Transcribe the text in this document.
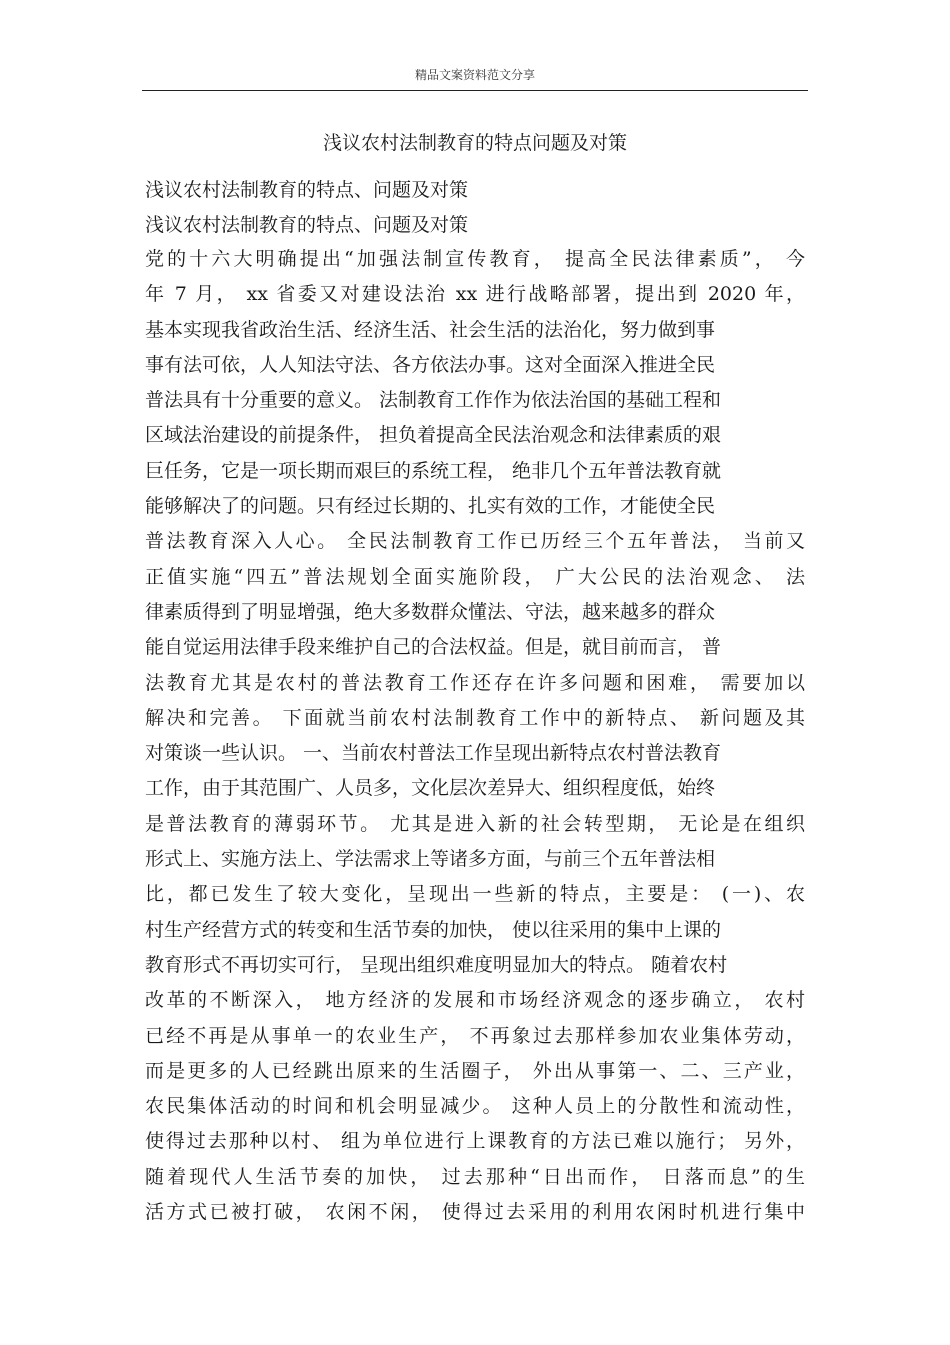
精品文案资料范文分享
浅议农村法制教育的特点问题及对策
浅议农村法制教育的特点、问题及对策
浅议农村法制教育的特点、问题及对策
党的十六大明确提出“加强法制宣传教育， 提高全民法律素质”， 今
年 7 月， xx 省委又对建设法治 xx 进行战略部署，提出到 2020 年，
基本实现我省政治生活、经济生活、社会生活的法治化，努力做到事
事有法可依，人人知法守法、各方依法办事。这对全面深入推进全民
普法具有十分重要的意义。 法制教育工作作为依法治国的基础工程和
区域法治建设的前提条件， 担负着提高全民法治观念和法律素质的艰
巨任务，它是一项长期而艰巨的系统工程， 绝非几个五年普法教育就
能够解决了的问题。只有经过长期的、扎实有效的工作，才能使全民
普法教育深入人心。 全民法制教育工作已历经三个五年普法， 当前又
正值实施“四五”普法规划全面实施阶段， 广大公民的法治观念、 法
律素质得到了明显增强，绝大多数群众懂法、守法，越来越多的群众
能自觉运用法律手段来维护自己的合法权益。但是，就目前而言， 普
法教育尤其是农村的普法教育工作还存在许多问题和困难， 需要加以
解决和完善。 下面就当前农村法制教育工作中的新特点、 新问题及其
对策谈一些认识。 一、当前农村普法工作呈现出新特点农村普法教育
工作，由于其范围广、人员多，文化层次差异大、组织程度低，始终
是普法教育的薄弱环节。 尤其是进入新的社会转型期， 无论是在组织
形式上、实施方法上、学法需求上等诸多方面，与前三个五年普法相
比，都已发生了较大变化，呈现出一些新的特点，主要是： (一)、农
村生产经营方式的转变和生活节奏的加快， 使以往采用的集中上课的
教育形式不再切实可行， 呈现出组织难度明显加大的特点。 随着农村
改革的不断深入， 地方经济的发展和市场经济观念的逐步确立， 农村
已经不再是从事单一的农业生产， 不再象过去那样参加农业集体劳动，
而是更多的人已经跳出原来的生活圈子， 外出从事第一、二、三产业，
农民集体活动的时间和机会明显减少。 这种人员上的分散性和流动性，
使得过去那种以村、 组为单位进行上课教育的方法已难以施行； 另外，
随着现代人生活节奏的加快， 过去那种“日出而作， 日落而息”的生
活方式已被打破， 农闲不闲， 使得过去采用的利用农闲时机进行集中
